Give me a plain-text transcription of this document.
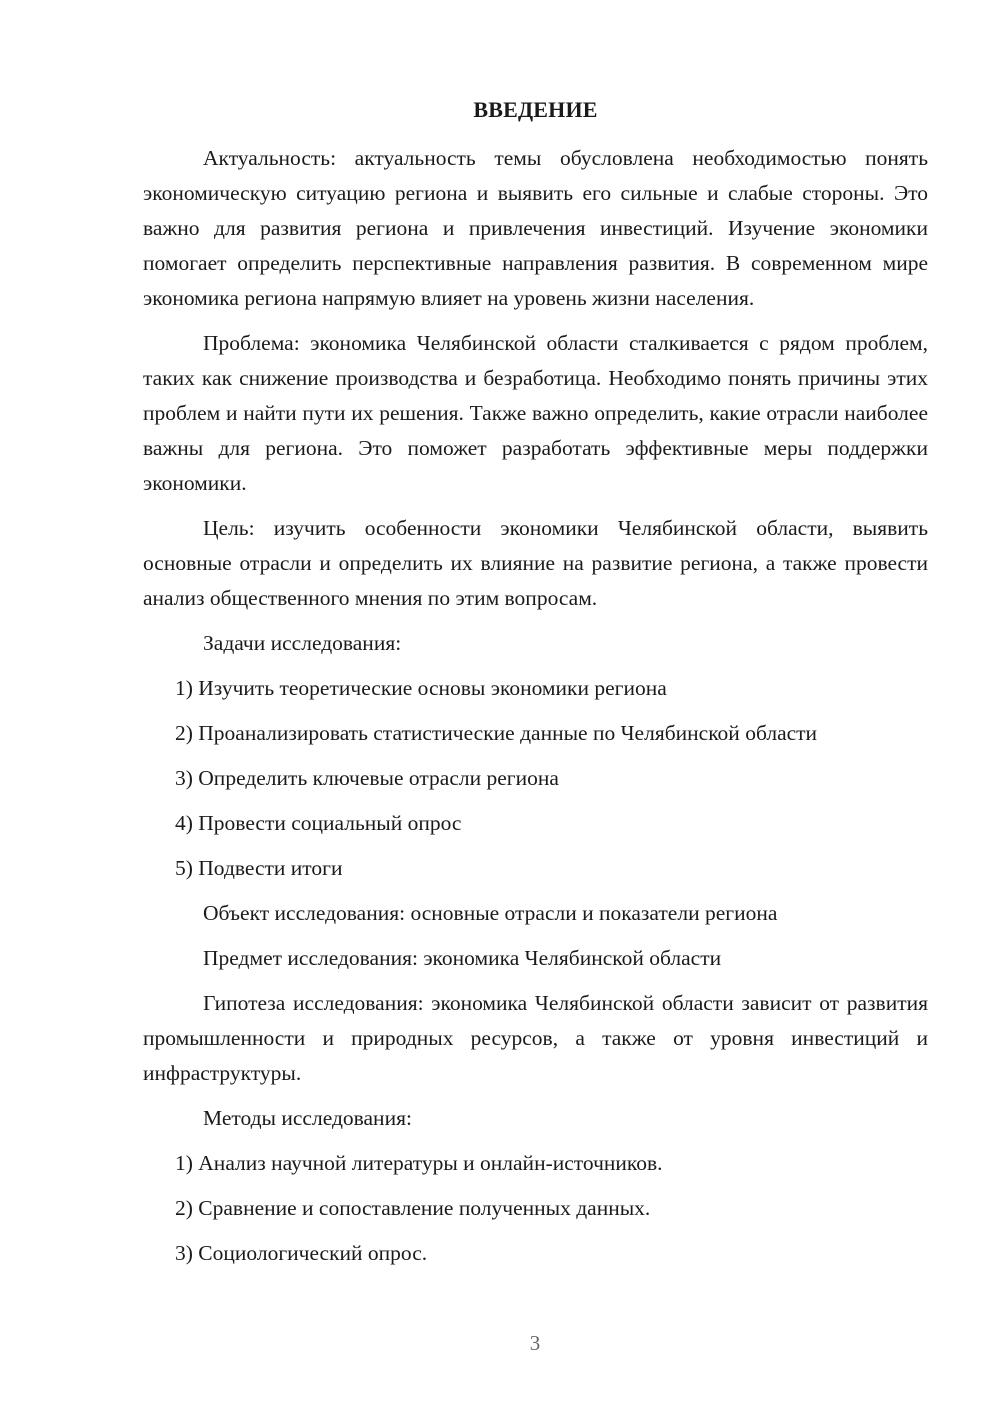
ВВЕДЕНИЕ

Актуальность: актуальность темы обусловлена необходимостью понять экономическую ситуацию региона и выявить его сильные и слабые стороны. Это важно для развития региона и привлечения инвестиций. Изучение экономики помогает определить перспективные направления развития. В современном мире экономика региона напрямую влияет на уровень жизни населения.

Проблема: экономика Челябинской области сталкивается с рядом проблем, таких как снижение производства и безработица. Необходимо понять причины этих проблем и найти пути их решения. Также важно определить, какие отрасли наиболее важны для региона. Это поможет разработать эффективные меры поддержки экономики.

Цель: изучить особенности экономики Челябинской области, выявить основные отрасли и определить их влияние на развитие региона, а также провести анализ общественного мнения по этим вопросам.

Задачи исследования:
1) Изучить теоретические основы экономики региона
2) Проанализировать статистические данные по Челябинской области
3) Определить ключевые отрасли региона
4) Провести социальный опрос
5) Подвести итоги
Объект исследования: основные отрасли и показатели региона
Предмет исследования: экономика Челябинской области

Гипотеза исследования: экономика Челябинской области зависит от развития промышленности и природных ресурсов, а также от уровня инвестиций и инфраструктуры.

Методы исследования:
1) Анализ научной литературы и онлайн-источников.
2) Сравнение и сопоставление полученных данных.
3) Социологический опрос.
3
